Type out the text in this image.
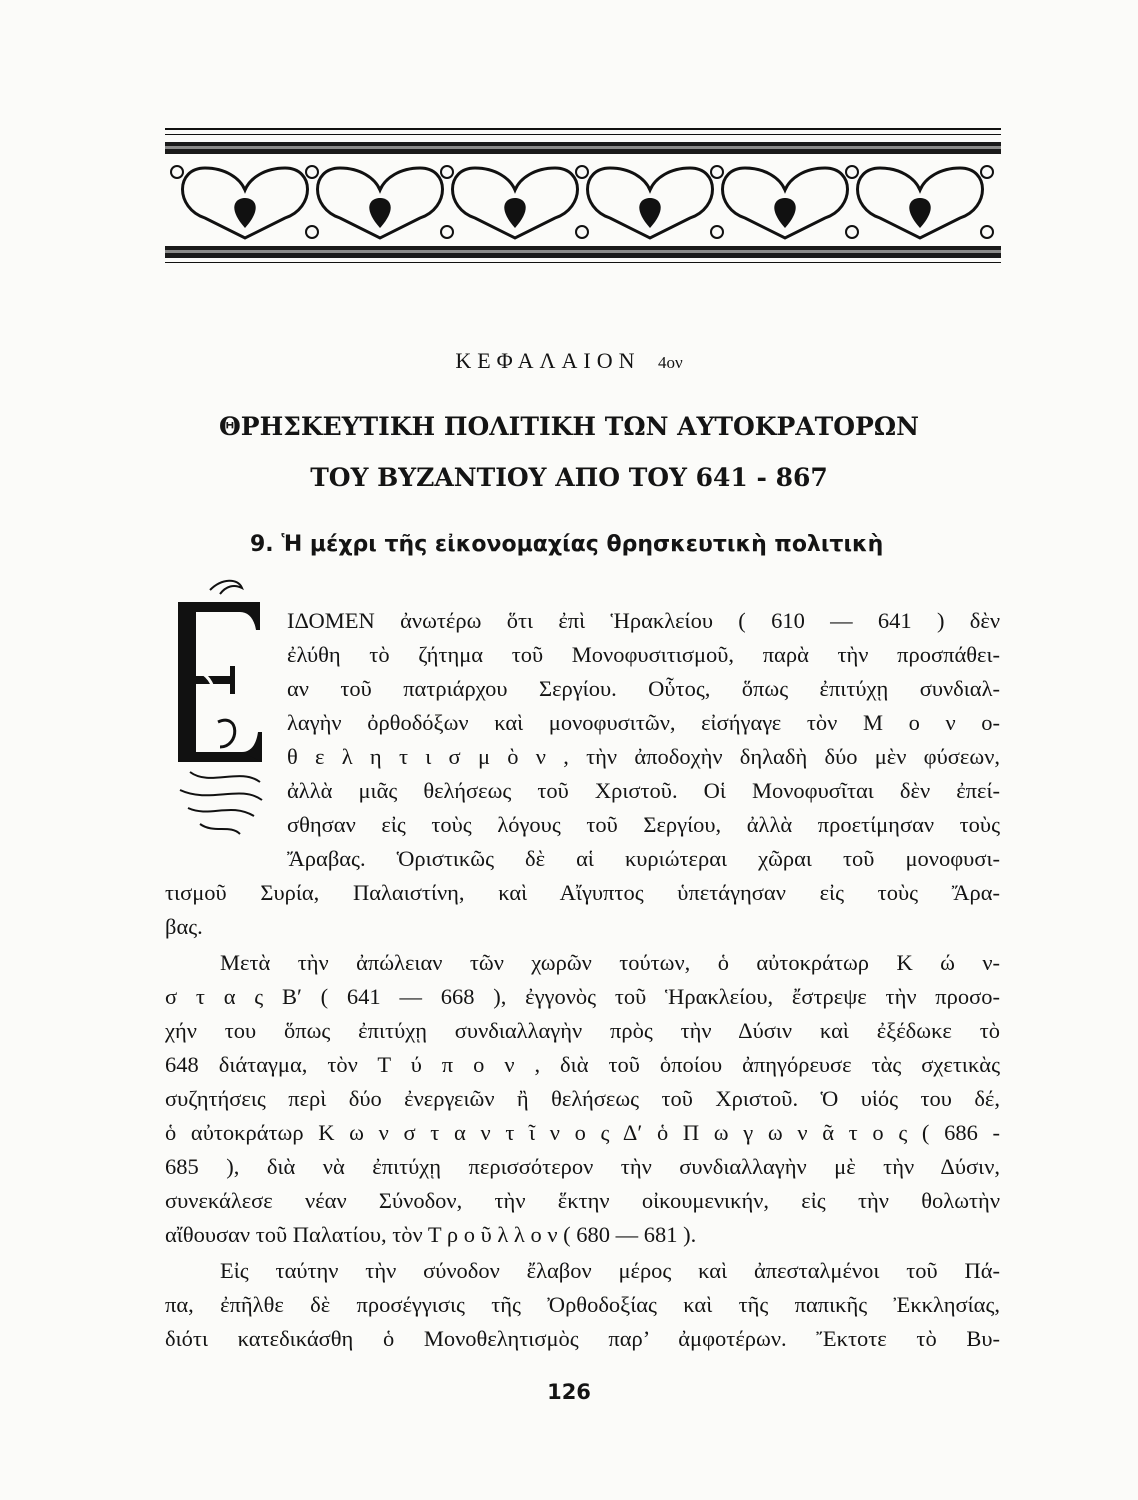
ΚΕΦΑΛΑΙΟΝ 4ον
ΘΡΗΣΚΕΥΤΙΚΗ ΠΟΛΙΤΙΚΗ ΤΩΝ ΑΥΤΟΚΡΑΤΟΡΩΝ
ΤΟΥ ΒΥΖΑΝΤΙΟΥ ΑΠΟ ΤΟΥ 641 - 867
9. Ἡ μέχρι τῆς εἰκονομαχίας θρησκευτικὴ πολιτικὴ
ΙΔΟΜΕΝ ἀνωτέρω ὅτι ἐπὶ Ἡρακλείου ( 610 — 641 ) δὲν
ἐλύθη τὸ ζήτημα τοῦ Μονοφυσιτισμοῦ, παρὰ τὴν προσπάθει-
αν τοῦ πατριάρχου Σεργίου. Οὗτος, ὅπως ἐπιτύχῃ συνδιαλ-
λαγὴν ὀρθοδόξων καὶ μονοφυσιτῶν, εἰσήγαγε τὸν Μ ο ν ο-
θ ε λ η τ ι σ μ ὸ ν , τὴν ἀποδοχὴν δηλαδὴ δύο μὲν φύσεων,
ἀλλὰ μιᾶς θελήσεως τοῦ Χριστοῦ. Οἱ Μονοφυσῖται δὲν ἐπεί-
σθησαν εἰς τοὺς λόγους τοῦ Σεργίου, ἀλλὰ προετίμησαν τοὺς
Ἄραβας. Ὁριστικῶς δὲ αἱ κυριώτεραι χῶραι τοῦ μονοφυσι-
τισμοῦ Συρία, Παλαιστίνη, καὶ Αἴγυπτος ὑπετάγησαν εἰς τοὺς Ἄρα-
βας.
Μετὰ τὴν ἀπώλειαν τῶν χωρῶν τούτων, ὁ αὐτοκράτωρ Κ ώ ν-
σ τ α ς Β′ ( 641 — 668 ), ἐγγονὸς τοῦ Ἡρακλείου, ἔστρεψε τὴν προσο-
χήν του ὅπως ἐπιτύχῃ συνδιαλλαγὴν πρὸς τὴν Δύσιν καὶ ἐξέδωκε τὸ
648 διάταγμα, τὸν Τ ύ π ο ν , διὰ τοῦ ὁποίου ἀπηγόρευσε τὰς σχετικὰς
συζητήσεις περὶ δύο ἐνεργειῶν ἢ θελήσεως τοῦ Χριστοῦ. Ὁ υἱός του δέ,
ὁ αὐτοκράτωρ Κ ω ν σ τ α ν τ ῖ ν ο ς Δ′ ὁ Π ω γ ω ν ᾶ τ ο ς ( 686 -
685 ), διὰ νὰ ἐπιτύχῃ περισσότερον τὴν συνδιαλλαγὴν μὲ τὴν Δύσιν,
συνεκάλεσε νέαν Σύνοδον, τὴν ἕκτην οἰκουμενικήν, εἰς τὴν θολωτὴν
αἴθουσαν τοῦ Παλατίου, τὸν Τ ρ ο ῦ λ λ ο ν ( 680 — 681 ).
Εἰς ταύτην τὴν σύνοδον ἔλαβον μέρος καὶ ἀπεσταλμένοι τοῦ Πά-
πα, ἐπῆλθε δὲ προσέγγισις τῆς Ὀρθοδοξίας καὶ τῆς παπικῆς Ἐκκλησίας,
διότι κατεδικάσθη ὁ Μονοθελητισμὸς παρ’ ἀμφοτέρων. Ἔκτοτε τὸ Βυ-
126
